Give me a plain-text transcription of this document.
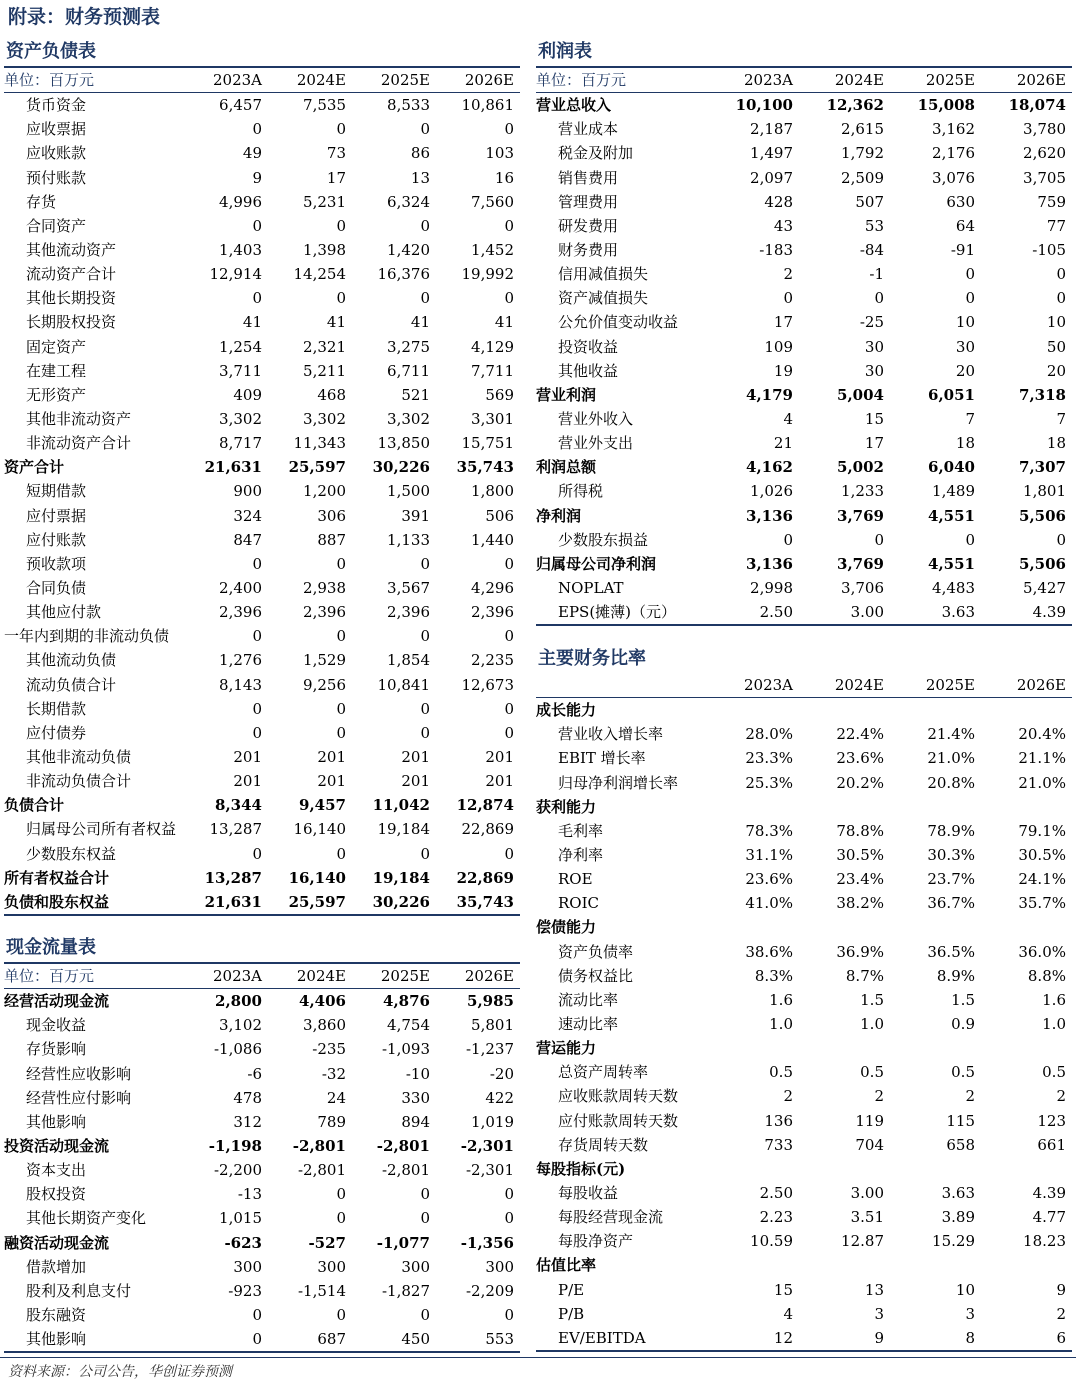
附录：财务预测表
资产负债表
单位：百万元	2023A	2024E	2025E	2026E
货币资金	6,457	7,535	8,533	10,861
应收票据	0	0	0	0
应收账款	49	73	86	103
预付账款	9	17	13	16
存货	4,996	5,231	6,324	7,560
合同资产	0	0	0	0
其他流动资产	1,403	1,398	1,420	1,452
流动资产合计	12,914	14,254	16,376	19,992
其他长期投资	0	0	0	0
长期股权投资	41	41	41	41
固定资产	1,254	2,321	3,275	4,129
在建工程	3,711	5,211	6,711	7,711
无形资产	409	468	521	569
其他非流动资产	3,302	3,302	3,302	3,301
非流动资产合计	8,717	11,343	13,850	15,751
资产合计	21,631	25,597	30,226	35,743
短期借款	900	1,200	1,500	1,800
应付票据	324	306	391	506
应付账款	847	887	1,133	1,440
预收款项	0	0	0	0
合同负债	2,400	2,938	3,567	4,296
其他应付款	2,396	2,396	2,396	2,396
一年内到期的非流动负债	0	0	0	0
其他流动负债	1,276	1,529	1,854	2,235
流动负债合计	8,143	9,256	10,841	12,673
长期借款	0	0	0	0
应付债券	0	0	0	0
其他非流动负债	201	201	201	201
非流动负债合计	201	201	201	201
负债合计	8,344	9,457	11,042	12,874
归属母公司所有者权益	13,287	16,140	19,184	22,869
少数股东权益	0	0	0	0
所有者权益合计	13,287	16,140	19,184	22,869
负债和股东权益	21,631	25,597	30,226	35,743
现金流量表
单位：百万元	2023A	2024E	2025E	2026E
经营活动现金流	2,800	4,406	4,876	5,985
现金收益	3,102	3,860	4,754	5,801
存货影响	-1,086	-235	-1,093	-1,237
经营性应收影响	-6	-32	-10	-20
经营性应付影响	478	24	330	422
其他影响	312	789	894	1,019
投资活动现金流	-1,198	-2,801	-2,801	-2,301
资本支出	-2,200	-2,801	-2,801	-2,301
股权投资	-13	0	0	0
其他长期资产变化	1,015	0	0	0
融资活动现金流	-623	-527	-1,077	-1,356
借款增加	300	300	300	300
股利及利息支付	-923	-1,514	-1,827	-2,209
股东融资	0	0	0	0
其他影响	0	687	450	553
利润表
单位：百万元	2023A	2024E	2025E	2026E
营业总收入	10,100	12,362	15,008	18,074
营业成本	2,187	2,615	3,162	3,780
税金及附加	1,497	1,792	2,176	2,620
销售费用	2,097	2,509	3,076	3,705
管理费用	428	507	630	759
研发费用	43	53	64	77
财务费用	-183	-84	-91	-105
信用减值损失	2	-1	0	0
资产减值损失	0	0	0	0
公允价值变动收益	17	-25	10	10
投资收益	109	30	30	50
其他收益	19	30	20	20
营业利润	4,179	5,004	6,051	7,318
营业外收入	4	15	7	7
营业外支出	21	17	18	18
利润总额	4,162	5,002	6,040	7,307
所得税	1,026	1,233	1,489	1,801
净利润	3,136	3,769	4,551	5,506
少数股东损益	0	0	0	0
归属母公司净利润	3,136	3,769	4,551	5,506
NOPLAT	2,998	3,706	4,483	5,427
EPS(摊薄)（元）	2.50	3.00	3.63	4.39
主要财务比率
	2023A	2024E	2025E	2026E
成长能力				
营业收入增长率	28.0%	22.4%	21.4%	20.4%
EBIT 增长率	23.3%	23.6%	21.0%	21.1%
归母净利润增长率	25.3%	20.2%	20.8%	21.0%
获利能力				
毛利率	78.3%	78.8%	78.9%	79.1%
净利率	31.1%	30.5%	30.3%	30.5%
ROE	23.6%	23.4%	23.7%	24.1%
ROIC	41.0%	38.2%	36.7%	35.7%
偿债能力				
资产负债率	38.6%	36.9%	36.5%	36.0%
债务权益比	8.3%	8.7%	8.9%	8.8%
流动比率	1.6	1.5	1.5	1.6
速动比率	1.0	1.0	0.9	1.0
营运能力				
总资产周转率	0.5	0.5	0.5	0.5
应收账款周转天数	2	2	2	2
应付账款周转天数	136	119	115	123
存货周转天数	733	704	658	661
每股指标(元)				
每股收益	2.50	3.00	3.63	4.39
每股经营现金流	2.23	3.51	3.89	4.77
每股净资产	10.59	12.87	15.29	18.23
估值比率				
P/E	15	13	10	9
P/B	4	3	3	2
EV/EBITDA	12	9	8	6
资料来源：公司公告，华创证券预测
